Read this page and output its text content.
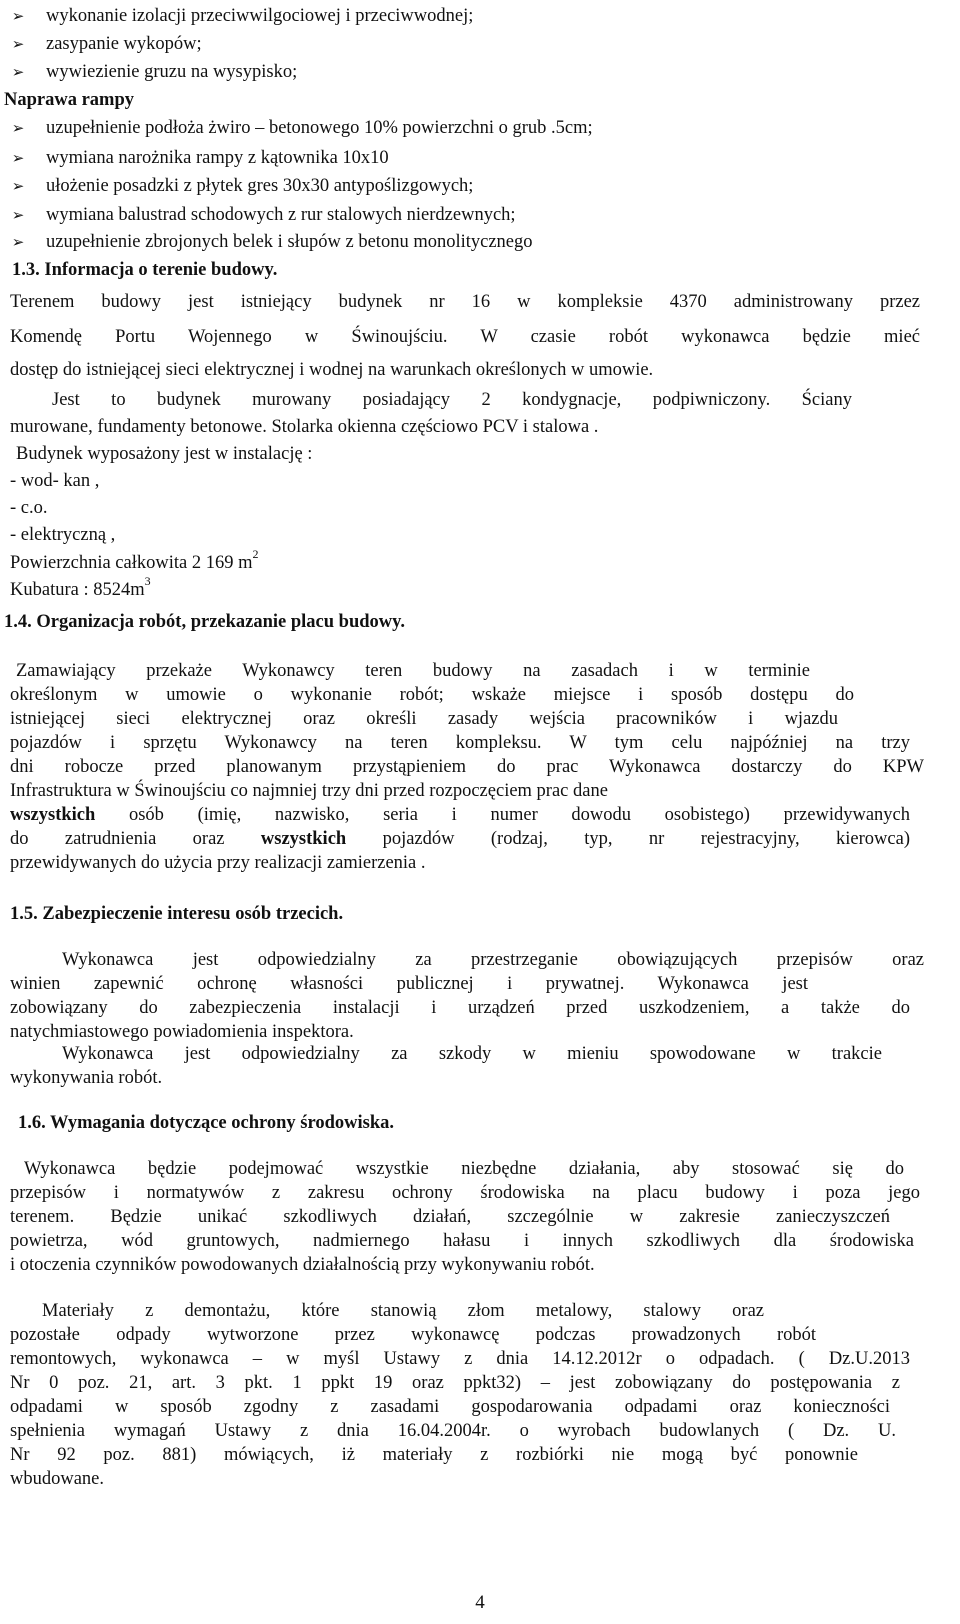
➢ wykonanie izolacji przeciwwilgociowej i przeciwwodnej;
➢ zasypanie wykopów;
➢ wywiezienie gruzu na wysypisko;
Naprawa rampy
➢ uzupełnienie podłoża żwiro – betonowego 10% powierzchni o grub .5cm;
➢ wymiana narożnika rampy z kątownika 10x10
➢ ułożenie posadzki z płytek gres 30x30 antypoślizgowych;
➢ wymiana balustrad schodowych z rur stalowych nierdzewnych;
➢ uzupełnienie zbrojonych belek i słupów z betonu monolitycznego
1.3. Informacja o terenie budowy.
Terenem budowy jest istniejący budynek nr 16 w kompleksie 4370 administrowany przez
Komendę Portu Wojennego w Świnoujściu. W czasie robót wykonawca będzie mieć
dostęp do istniejącej sieci elektrycznej i wodnej na warunkach określonych w umowie.
Jest to budynek murowany posiadający 2 kondygnacje, podpiwniczony. Ściany
murowane, fundamenty betonowe. Stolarka okienna częściowo PCV i stalowa .
Budynek wyposażony jest w instalację :
- wod- kan ,
- c.o.
- elektryczną ,
Powierzchnia całkowita 2 169 $m^2$
Kubatura : $8524m^3$
1.4. Organizacja robót, przekazanie placu budowy.
Zamawiający przekaże Wykonawcy teren budowy na zasadach i w terminie
określonym w umowie o wykonanie robót; wskaże miejsce i sposób dostępu do
istniejącej sieci elektrycznej oraz określi zasady wejścia pracowników i wjazdu
pojazdów i sprzętu Wykonawcy na teren kompleksu. W tym celu najpóźniej na trzy
dni robocze przed planowanym przystąpieniem do prac Wykonawca dostarczy do KPW
Infrastruktura w Świnoujściu co najmniej trzy dni przed rozpoczęciem prac dane
wszystkich osób (imię, nazwisko, seria i numer dowodu osobistego) przewidywanych
do zatrudnienia oraz wszystkich pojazdów (rodzaj, typ, nr rejestracyjny, kierowca)
przewidywanych do użycia przy realizacji zamierzenia .
1.5. Zabezpieczenie interesu osób trzecich.
Wykonawca jest odpowiedzialny za przestrzeganie obowiązujących przepisów oraz
winien zapewnić ochronę własności publicznej i prywatnej. Wykonawca jest
zobowiązany do zabezpieczenia instalacji i urządzeń przed uszkodzeniem, a także do
natychmiastowego powiadomienia inspektora.
Wykonawca jest odpowiedzialny za szkody w mieniu spowodowane w trakcie
wykonywania robót.
1.6. Wymagania dotyczące ochrony środowiska.
Wykonawca będzie podejmować wszystkie niezbędne działania, aby stosować się do
przepisów i normatywów z zakresu ochrony środowiska na placu budowy i poza jego
terenem. Będzie unikać szkodliwych działań, szczególnie w zakresie zanieczyszczeń
powietrza, wód gruntowych, nadmiernego hałasu i innych szkodliwych dla środowiska
i otoczenia czynników powodowanych działalnością przy wykonywaniu robót.
Materiały z demontażu, które stanowią złom metalowy, stalowy oraz
pozostałe odpady wytworzone przez wykonawcę podczas prowadzonych robót
remontowych, wykonawca – w myśl Ustawy z dnia 14.12.2012r o odpadach. ( Dz.U.2013
Nr 0 poz. 21, art. 3 pkt. 1 ppkt 19 oraz ppkt32) – jest zobowiązany do postępowania z
odpadami w sposób zgodny z zasadami gospodarowania odpadami oraz konieczności
spełnienia wymagań Ustawy z dnia 16.04.2004r. o wyrobach budowlanych ( Dz. U.
Nr 92 poz. 881) mówiących, iż materiały z rozbiórki nie mogą być ponownie
wbudowane.
4
